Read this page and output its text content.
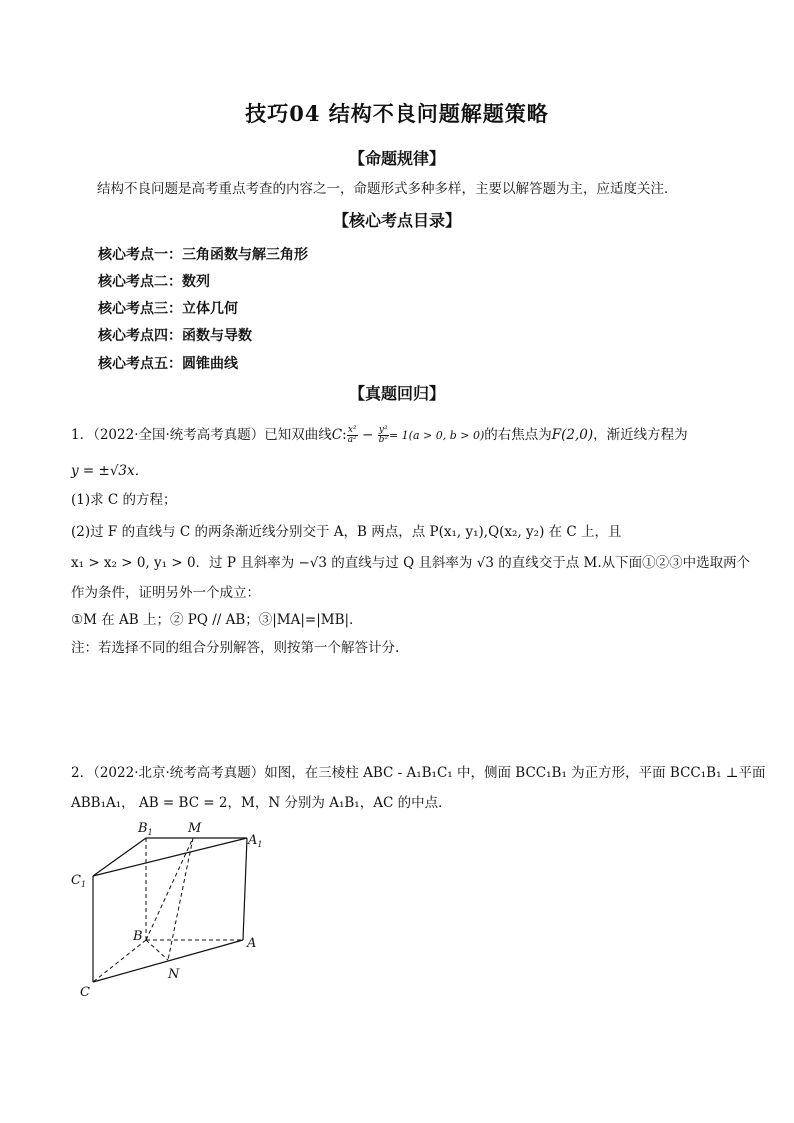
技巧04 结构不良问题解题策略
【命题规律】
结构不良问题是高考重点考查的内容之一，命题形式多种多样，主要以解答题为主，应适度关注．
【核心考点目录】
核心考点一：三角函数与解三角形
核心考点二：数列
核心考点三：立体几何
核心考点四：函数与导数
核心考点五：圆锥曲线
【真题回归】
1．（2022·全国·统考高考真题）已知双曲线C: $\frac{\text{x²}}{\text{a²}} - \frac{\text{y²}}{\text{b²}} = 1(a > 0$, b > 0)的右焦点为F(2,0)，渐近线方程为
y = ±√3x．
(1)求 C 的方程；
(2)过 F 的直线与 C 的两条渐近线分别交于 A，B 两点，点 P(x₁, y₁),Q(x₂, y₂) 在 C 上，且
x₁ > x₂ > 0, y₁ > 0．过 P 且斜率为 −√3 的直线与过 Q 且斜率为 √3 的直线交于点 M.从下面①②③中选取两个
作为条件，证明另外一个成立：
①M 在 AB 上；② PQ // AB；③|MA|=|MB|．
注：若选择不同的组合分别解答，则按第一个解答计分.
2．（2022·北京·统考高考真题）如图，在三棱柱 ABC - A₁B₁C₁ 中，侧面 BCC₁B₁ 为正方形，平面 BCC₁B₁ ⊥平面
ABB₁A₁， AB = BC = 2，M，N 分别为 A₁B₁，AC 的中点．
$B_1$	M
$A_1$
$C_1$
B	A
N
C
